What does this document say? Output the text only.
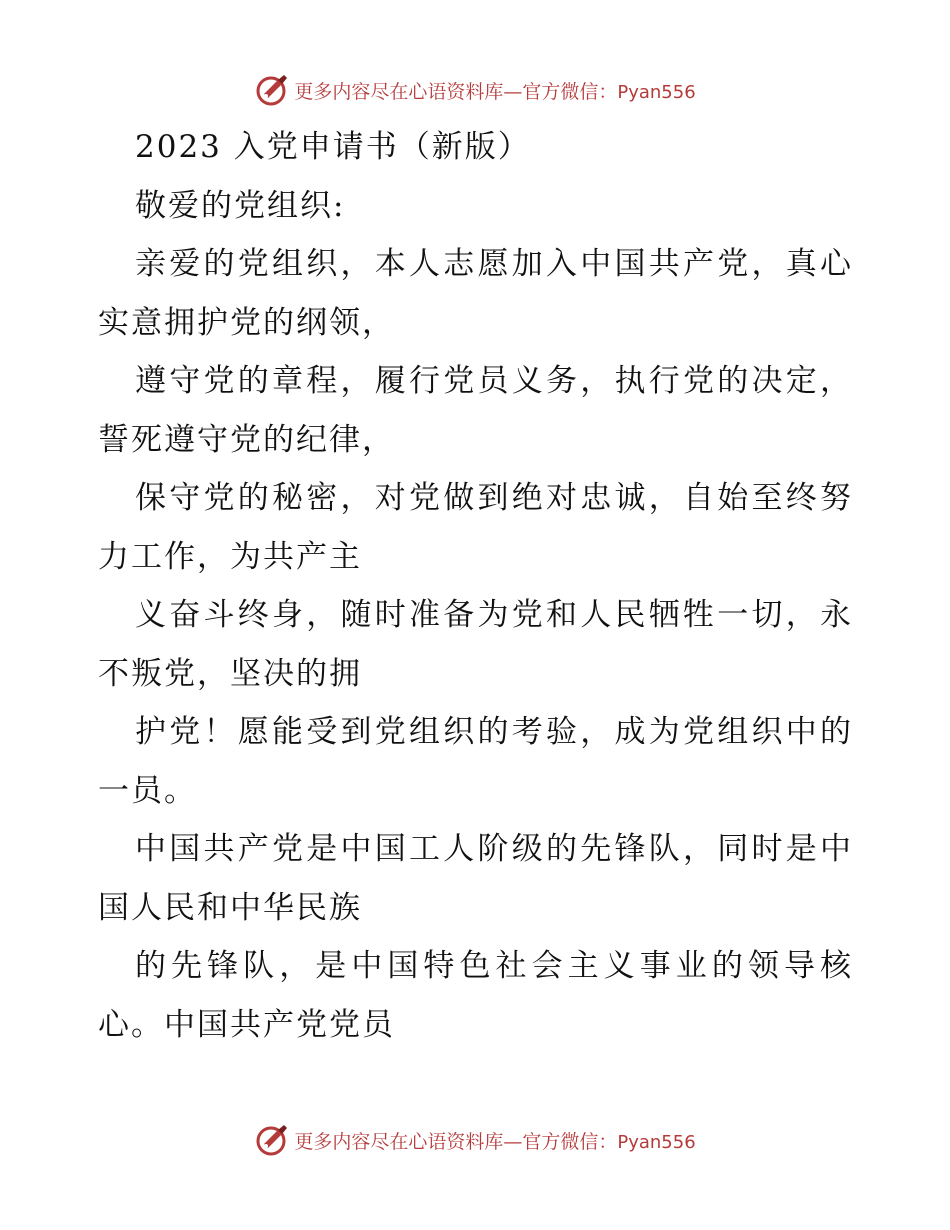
更多内容尽在心语资料库—官方微信：Pyan556

2023 入党申请书（新版）

敬爱的党组织:

亲爱的党组织，本人志愿加入中国共产党，真心实意拥护党的纲领，

遵守党的章程，履行党员义务，执行党的决定，誓死遵守党的纪律，

保守党的秘密，对党做到绝对忠诚，自始至终努力工作，为共产主

义奋斗终身，随时准备为党和人民牺牲一切，永不叛党，坚决的拥

护党！愿能受到党组织的考验，成为党组织中的一员。

中国共产党是中国工人阶级的先锋队，同时是中国人民和中华民族

的先锋队，是中国特色社会主义事业的领导核心。中国共产党党员

更多内容尽在心语资料库—官方微信：Pyan556
